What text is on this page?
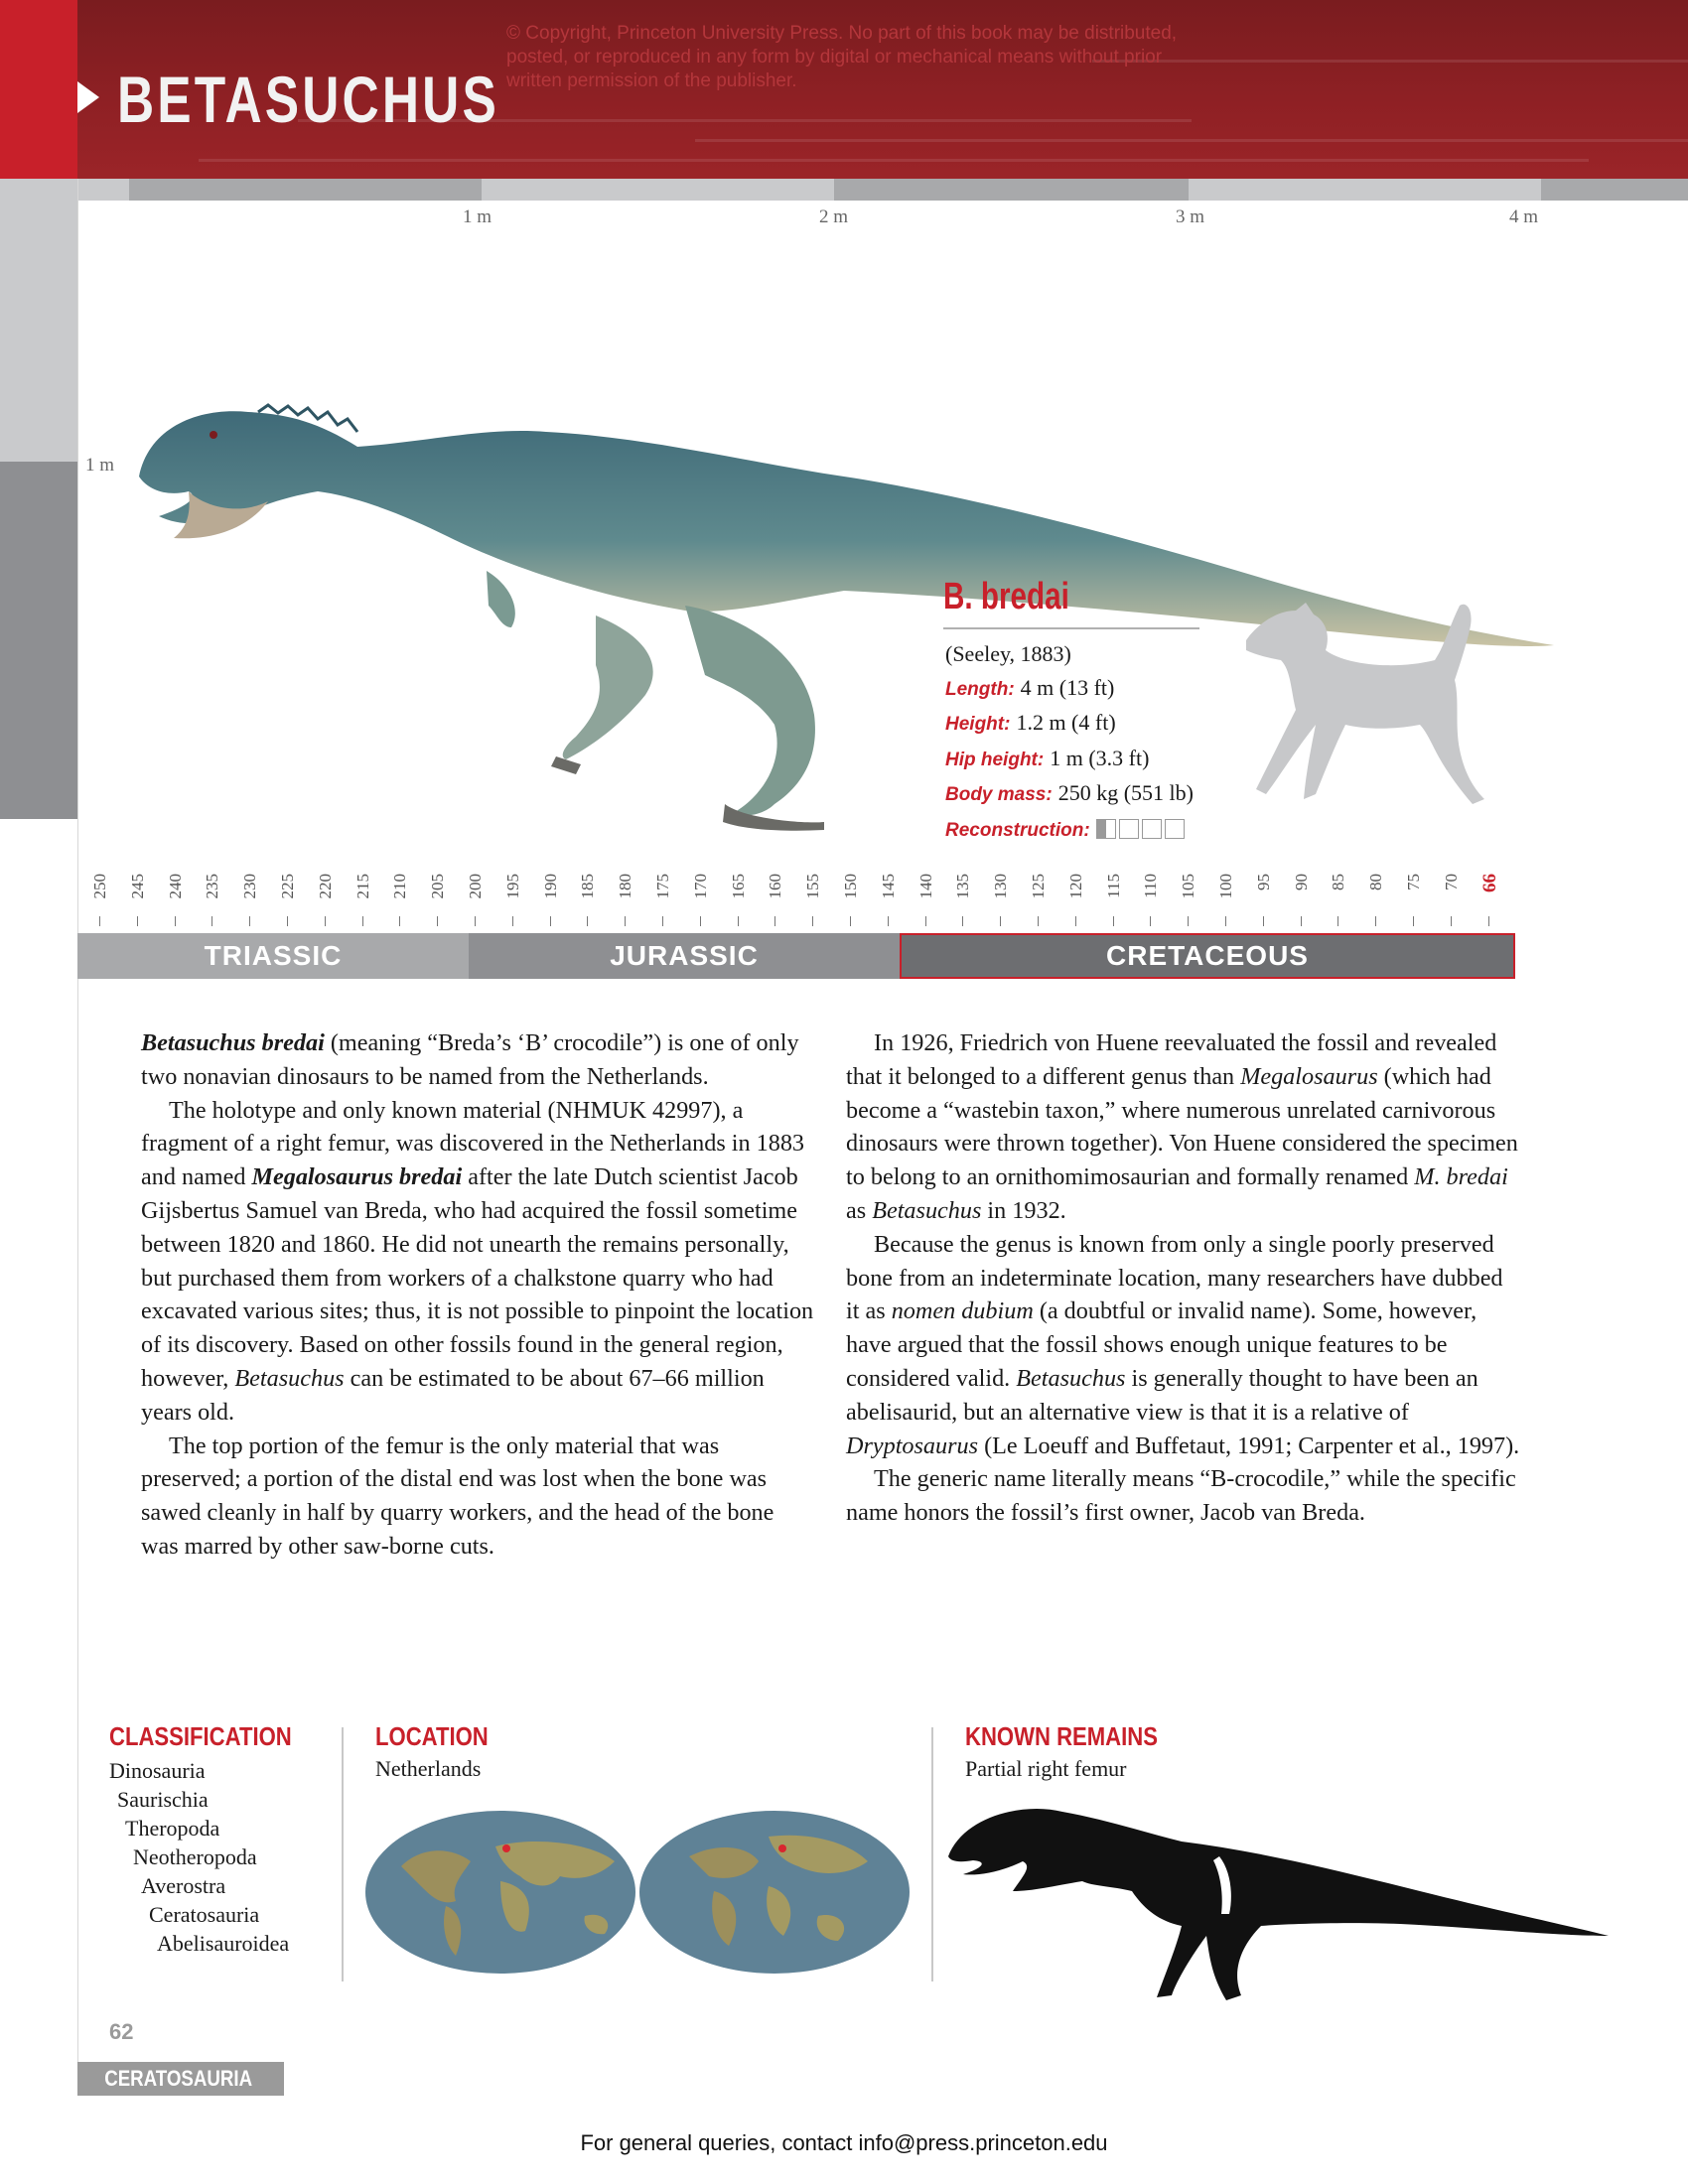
BETASUCHUS
© Copyright, Princeton University Press. No part of this book may be distributed, posted, or reproduced in any form by digital or mechanical means without prior written permission of the publisher.
1 m	2 m	3 m	4 m
1 m
B. bredai
(Seeley, 1883)
Length: 4 m (13 ft)
Height: 1.2 m (4 ft)
Hip height: 1 m (3.3 ft)
Body mass: 250 kg (551 lb)
Reconstruction:
250 245 240 235 230 225 220 215 210 205 200 195 190 185 180 175 170 165 160 155 150 145 140 135 130 125 120 115 110 105 100 95 90 85 80 75 70 66
TRIASSIC	JURASSIC	CRETACEOUS

Betasuchus bredai (meaning “Breda’s ‘B’ crocodile”) is one of only two nonavian dinosaurs to be named from the Netherlands.

The holotype and only known material (NHMUK 42997), a fragment of a right femur, was discovered in the Netherlands in 1883 and named Megalosaurus bredai after the late Dutch scientist Jacob Gijsbertus Samuel van Breda, who had acquired the fossil sometime between 1820 and 1860. He did not unearth the remains personally, but purchased them from workers of a chalkstone quarry who had excavated various sites; thus, it is not possible to pinpoint the location of its discovery. Based on other fossils found in the general region, however, Betasuchus can be estimated to be about 67–66 million years old.

The top portion of the femur is the only material that was preserved; a portion of the distal end was lost when the bone was sawed cleanly in half by quarry workers, and the head of the bone was marred by other saw-borne cuts.

In 1926, Friedrich von Huene reevaluated the fossil and revealed that it belonged to a different genus than Megalosaurus (which had become a “wastebin taxon,” where numerous unrelated carnivorous dinosaurs were thrown together). Von Huene considered the specimen to belong to an ornithomimosaurian and formally renamed M. bredai as Betasuchus in 1932.

Because the genus is known from only a single poorly preserved bone from an indeterminate location, many researchers have dubbed it as nomen dubium (a doubtful or invalid name). Some, however, have argued that the fossil shows enough unique features to be considered valid. Betasuchus is generally thought to have been an abelisaurid, but an alternative view is that it is a relative of Dryptosaurus (Le Loeuff and Buffetaut, 1991; Carpenter et al., 1997).

The generic name literally means “B-crocodile,” while the specific name honors the fossil’s first owner, Jacob van Breda.

CLASSIFICATION
Dinosauria
Saurischia
Theropoda
Neotheropoda
Averostra
Ceratosauria
Abelisauroidea
LOCATION
Netherlands
KNOWN REMAINS
Partial right femur
62
CERATOSAURIA
For general queries, contact info@press.princeton.edu
